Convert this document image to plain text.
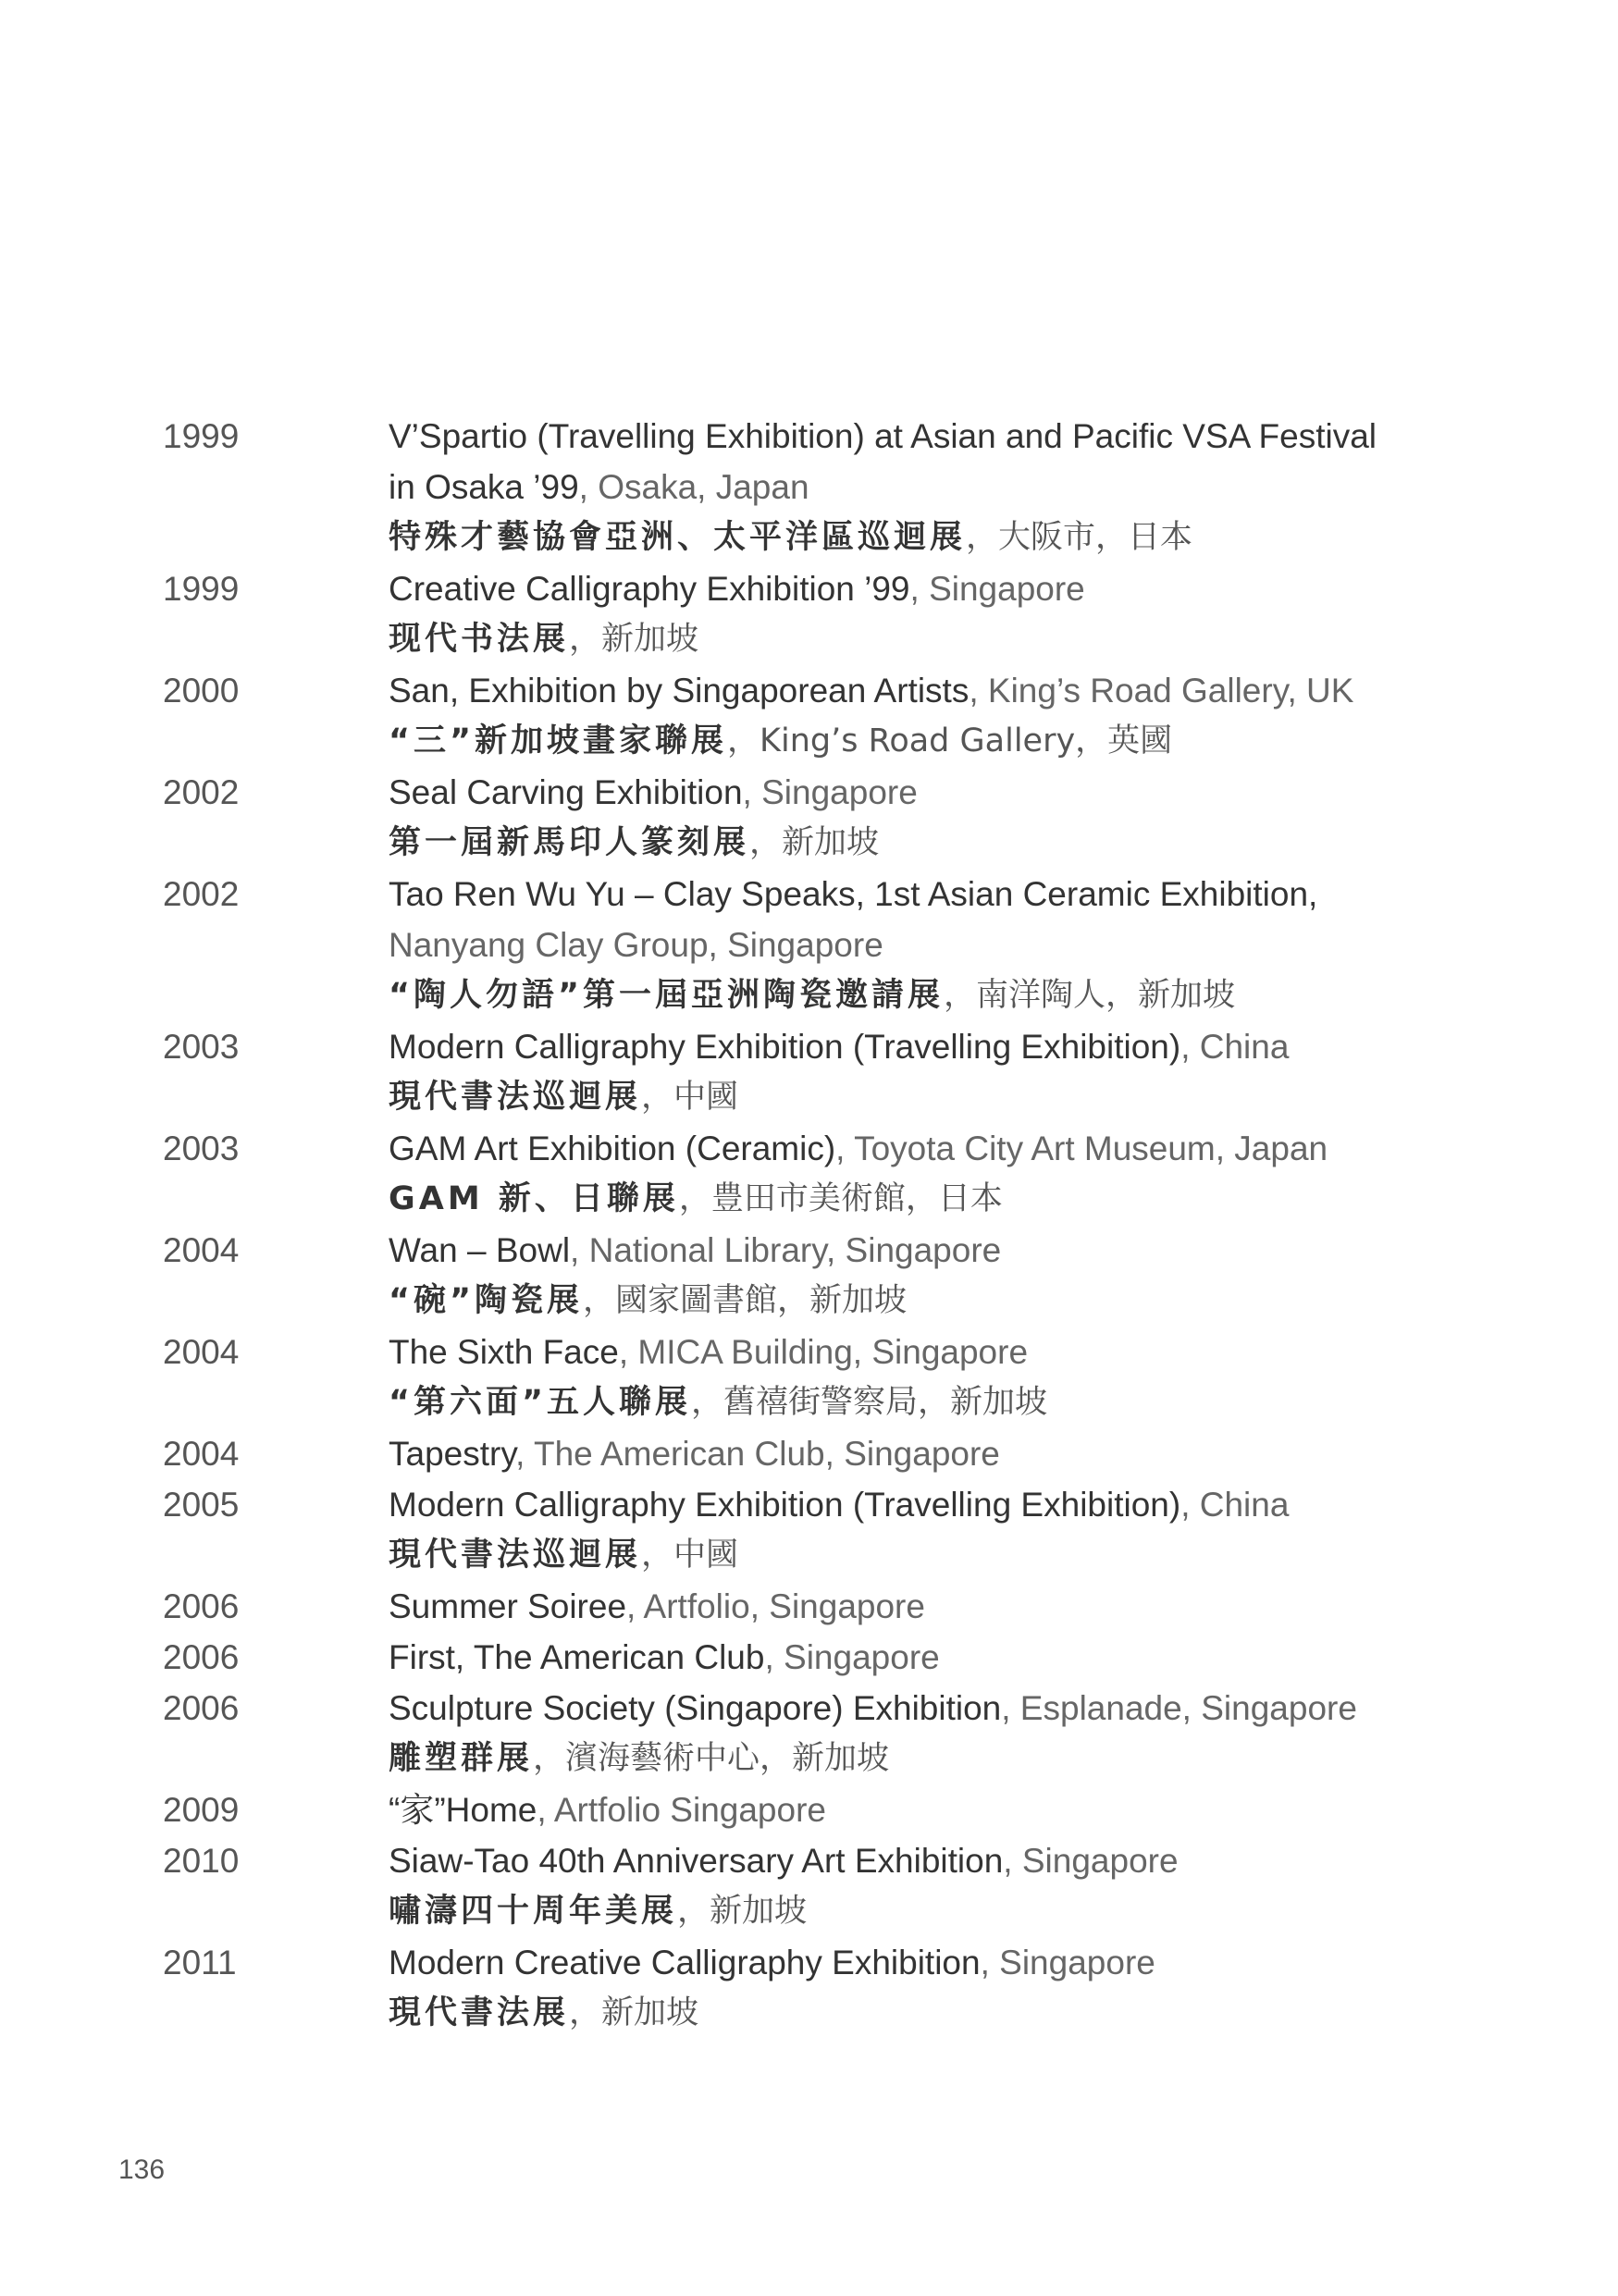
1999	V’Spartio (Travelling Exhibition) at Asian and Pacific VSA Festival
in Osaka ’99, Osaka, Japan
特殊才藝協會亞洲、太平洋區巡迴展，大阪市，日本
1999	Creative Calligraphy Exhibition ’99, Singapore
现代书法展，新加坡
2000	San, Exhibition by Singaporean Artists, King’s Road Gallery, UK
“三”新加坡畫家聯展，King’s Road Gallery，英國
2002	Seal Carving Exhibition, Singapore
第一屆新馬印人篆刻展，新加坡
2002	Tao Ren Wu Yu – Clay Speaks, 1st Asian Ceramic Exhibition,
Nanyang Clay Group, Singapore
“陶人勿語”第一屆亞洲陶瓷邀請展，南洋陶人，新加坡
2003	Modern Calligraphy Exhibition (Travelling Exhibition), China
現代書法巡迴展，中國
2003	GAM Art Exhibition (Ceramic), Toyota City Art Museum, Japan
GAM 新、日聯展，豊田市美術館，日本
2004	Wan – Bowl, National Library, Singapore
“碗”陶瓷展，國家圖書館，新加坡
2004	The Sixth Face, MICA Building, Singapore
“第六面”五人聯展，舊禧街警察局，新加坡
2004	Tapestry, The American Club, Singapore
2005	Modern Calligraphy Exhibition (Travelling Exhibition), China
現代書法巡迴展，中國
2006	Summer Soiree, Artfolio, Singapore
2006	First, The American Club, Singapore
2006	Sculpture Society (Singapore) Exhibition, Esplanade, Singapore
雕塑群展，濱海藝術中心，新加坡
2009	“家”Home, Artfolio Singapore
2010	Siaw-Tao 40th Anniversary Art Exhibition, Singapore
嘯濤四十周年美展，新加坡
2011	Modern Creative Calligraphy Exhibition, Singapore
現代書法展，新加坡
136
